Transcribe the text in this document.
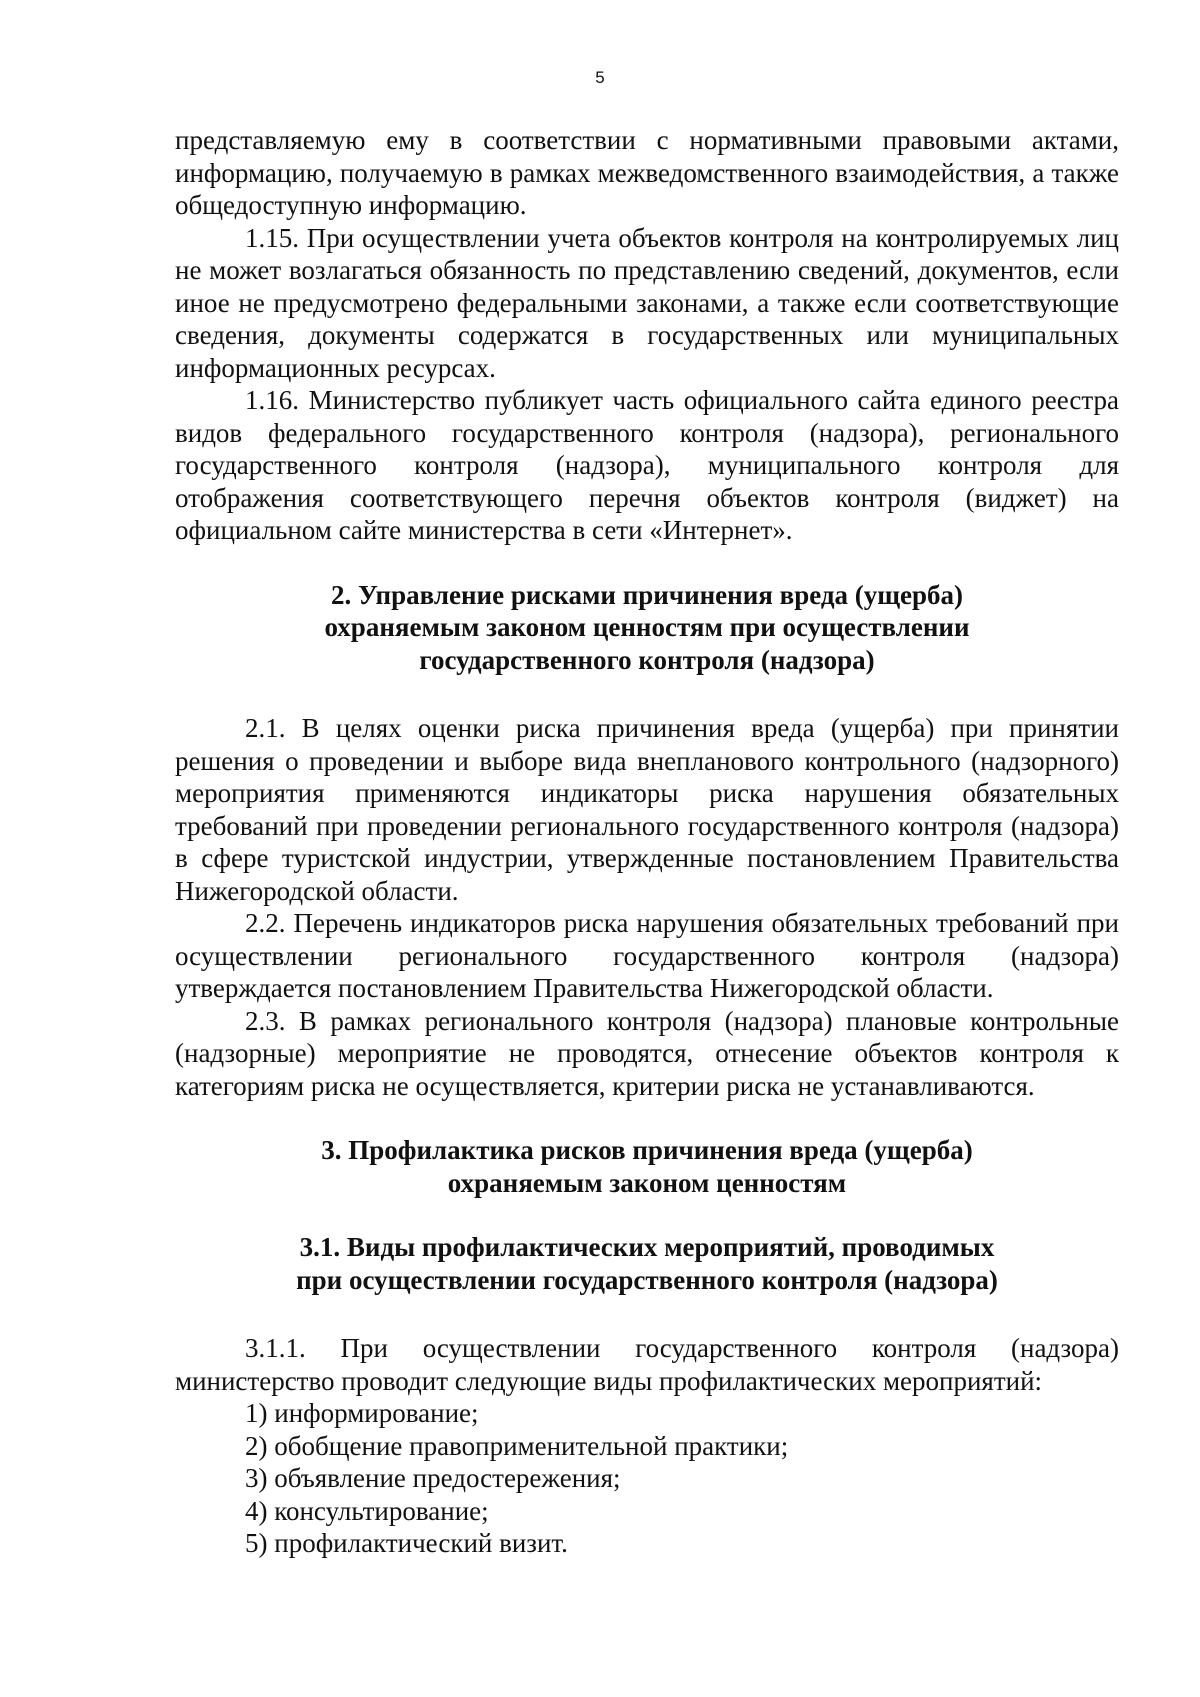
5

представляемую ему в соответствии с нормативными правовыми актами, информацию, получаемую в рамках межведомственного взаимодействия, а также общедоступную информацию.

1.15. При осуществлении учета объектов контроля на контролируемых лиц не может возлагаться обязанность по представлению сведений, документов, если иное не предусмотрено федеральными законами, а также если соответствующие сведения, документы содержатся в государственных или муниципальных информационных ресурсах.

1.16. Министерство публикует часть официального сайта единого реестра видов федерального государственного контроля (надзора), регионального государственного контроля (надзора), муниципального контроля для отображения соответствующего перечня объектов контроля (виджет) на официальном сайте министерства в сети «Интернет».

2. Управление рисками причинения вреда (ущерба)
охраняемым законом ценностям при осуществлении
государственного контроля (надзора)

2.1. В целях оценки риска причинения вреда (ущерба) при принятии решения о проведении и выборе вида внепланового контрольного (надзорного) мероприятия применяются индикаторы риска нарушения обязательных требований при проведении регионального государственного контроля (надзора) в сфере туристской индустрии, утвержденные постановлением Правительства Нижегородской области.

2.2. Перечень индикаторов риска нарушения обязательных требований при осуществлении регионального государственного контроля (надзора) утверждается постановлением Правительства Нижегородской области.

2.3. В рамках регионального контроля (надзора) плановые контрольные (надзорные) мероприятие не проводятся, отнесение объектов контроля к категориям риска не осуществляется, критерии риска не устанавливаются.

3. Профилактика рисков причинения вреда (ущерба)
охраняемым законом ценностям
3.1. Виды профилактических мероприятий, проводимых
при осуществлении государственного контроля (надзора)

3.1.1. При осуществлении государственного контроля (надзора) министерство проводит следующие виды профилактических мероприятий:

1) информирование;

2) обобщение правоприменительной практики;

3) объявление предостережения;

4) консультирование;

5) профилактический визит.
